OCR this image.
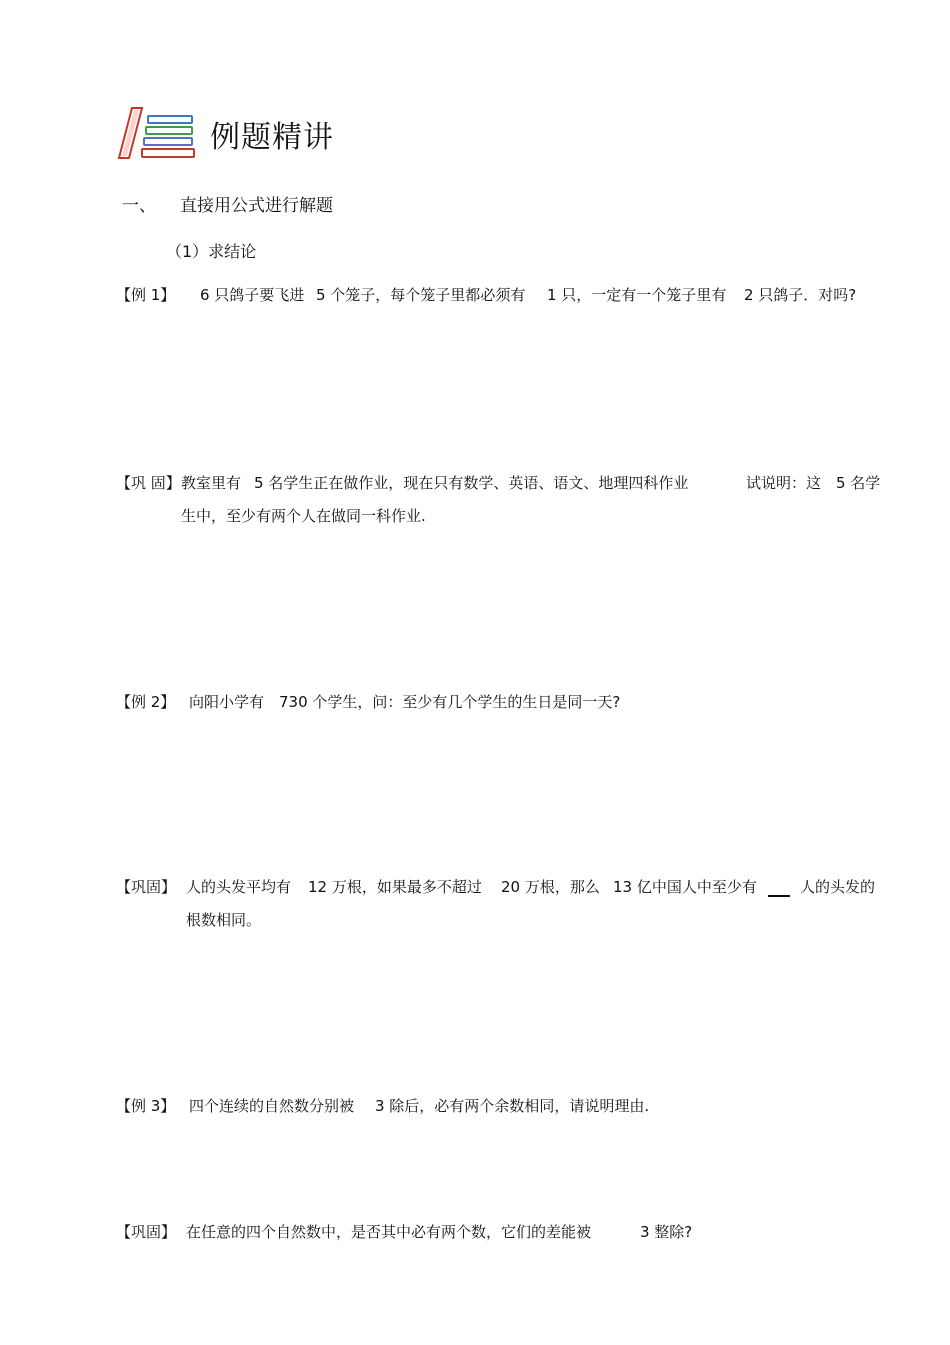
例题精讲
一、 直接用公式进行解题
（1）求结论
【例 1】 6 只鸽子要飞进 5 个笼子，每个笼子里都必须有 1 只，一定有一个笼子里有 2 只鸽子．对吗?
【巩 固】 教室里有 5 名学生正在做作业，现在只有数学、英语、语文、地理四科作业	试说明：这 5 名学
生中，至少有两个人在做同一科作业.
【例 2】 向阳小学有 730 个学生，问：至少有几个学生的生日是同一天?
【巩固】 人的头发平均有 12 万根，如果最多不超过 20 万根，那么 13 亿中国人中至少有	人的头发的
根数相同。
【例 3】 四个连续的自然数分别被 3 除后，必有两个余数相同，请说明理由.
【巩固】 在任意的四个自然数中，是否其中必有两个数，它们的差能被	3 整除?
